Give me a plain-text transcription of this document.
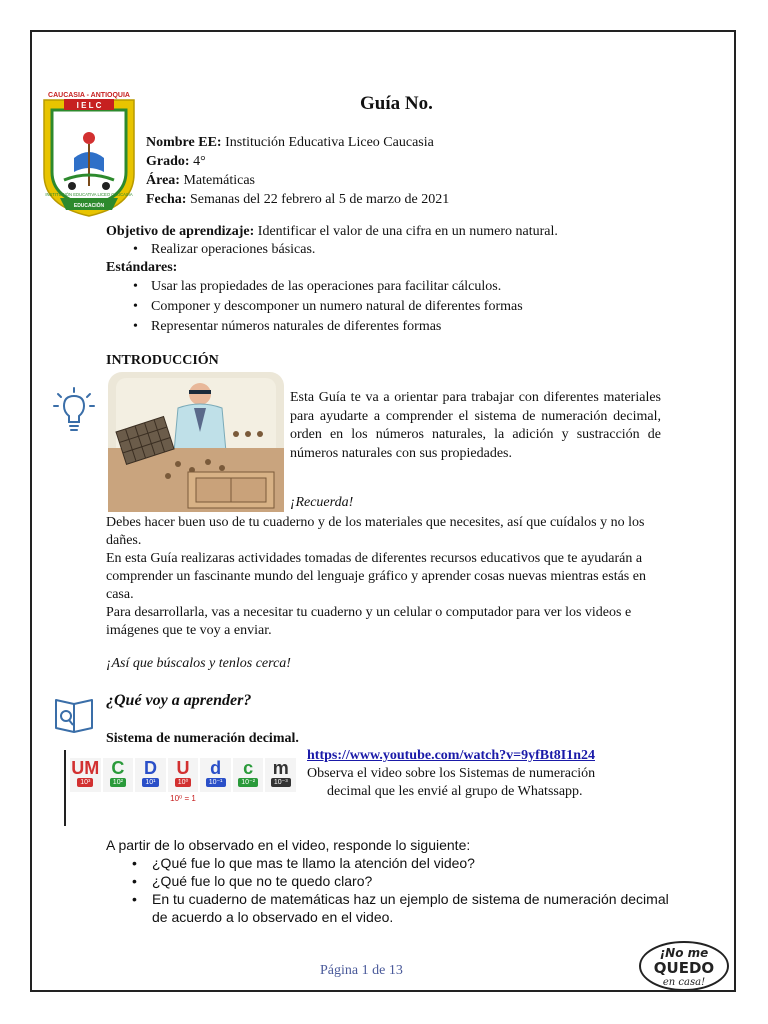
CAUCASIA - ANTIOQUIA
I E L C
EDUCACIÓN
INSTITUCIÓN EDUCATIVA LICEO CAUCASIA
Guía No.
Nombre EE: Institución Educativa Liceo Caucasia
Grado: 4°
Área: Matemáticas
Fecha: Semanas del 22 febrero al 5 de marzo de 2021
Objetivo de aprendizaje: Identificar el valor de una cifra en un numero natural.
• Realizar operaciones básicas.
Estándares:
• Usar las propiedades de las operaciones para facilitar cálculos.
• Componer y descomponer un numero natural de diferentes formas
• Representar números naturales de diferentes formas
INTRODUCCIÓN
Esta Guía te va a orientar para trabajar con diferentes materiales para ayudarte a comprender el sistema de numeración decimal, orden en los números naturales, la adición y sustracción de números naturales con sus propiedades.
¡Recuerda!

Debes hacer buen uso de tu cuaderno y de los materiales que necesites, así que cuídalos y no los dañes.

En esta Guía realizaras actividades tomadas de diferentes recursos educativos que te ayudarán a comprender un fascinante mundo del lenguaje gráfico y aprender cosas nuevas mientras estás en casa.

Para desarrollarla, vas a necesitar tu cuaderno y un celular o computador para ver los videos e imágenes que te voy a enviar.

¡Así que búscalos y tenlos cerca!
¿Qué voy a aprender?
Sistema de numeración decimal.
UM
10³
C
10²
D
10¹
U
10⁰
d
10⁻¹
c
10⁻²
m
10⁻³
10⁰ = 1
https://www.youtube.com/watch?v=9yfBt8I1n24
Observa el video sobre los Sistemas de numeración
decimal que les envié al grupo de Whatssapp.
A partir de lo observado en el video, responde lo siguiente:
• ¿Qué fue lo que mas te llamo la atención del video?
• ¿Qué fue lo que no te quedo claro?
• En tu cuaderno de matemáticas haz un ejemplo de sistema de numeración decimal de acuerdo a lo observado en el video.
Página 1 de 13
¡No me
QUEDO
en casa!
